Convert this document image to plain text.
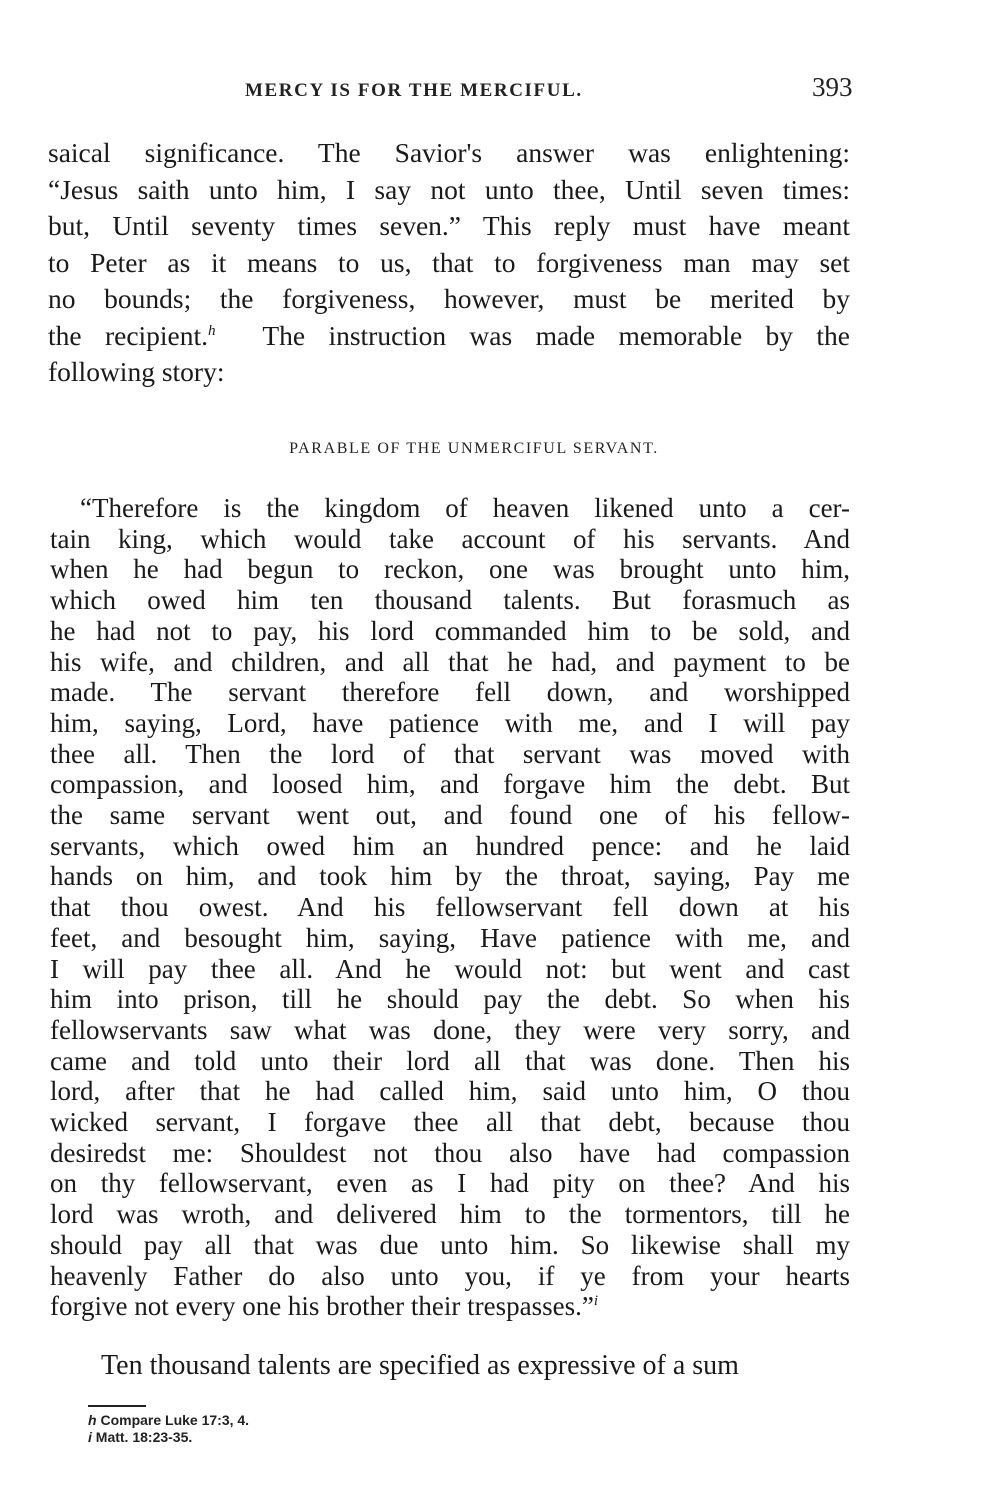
MERCY IS FOR THE MERCIFUL.	393
saical significance. The Savior's answer was enlightening:
“Jesus saith unto him, I say not unto thee, Until seven times:
but, Until seventy times seven.” This reply must have meant
to Peter as it means to us, that to forgiveness man may set
no bounds; the forgiveness, however, must be merited by
the recipient.$^h$ The instruction was made memorable by the
following story:
PARABLE OF THE UNMERCIFUL SERVANT.
“Therefore is the kingdom of heaven likened unto a cer-
tain king, which would take account of his servants. And
when he had begun to reckon, one was brought unto him,
which owed him ten thousand talents. But forasmuch as
he had not to pay, his lord commanded him to be sold, and
his wife, and children, and all that he had, and payment to be
made. The servant therefore fell down, and worshipped
him, saying, Lord, have patience with me, and I will pay
thee all. Then the lord of that servant was moved with
compassion, and loosed him, and forgave him the debt. But
the same servant went out, and found one of his fellow-
servants, which owed him an hundred pence: and he laid
hands on him, and took him by the throat, saying, Pay me
that thou owest. And his fellowservant fell down at his
feet, and besought him, saying, Have patience with me, and
I will pay thee all. And he would not: but went and cast
him into prison, till he should pay the debt. So when his
fellowservants saw what was done, they were very sorry, and
came and told unto their lord all that was done. Then his
lord, after that he had called him, said unto him, O thou
wicked servant, I forgave thee all that debt, because thou
desiredst me: Shouldest not thou also have had compassion
on thy fellowservant, even as I had pity on thee? And his
lord was wroth, and delivered him to the tormentors, till he
should pay all that was due unto him. So likewise shall my
heavenly Father do also unto you, if ye from your hearts
forgive not every one his brother their trespasses.”$^i$
Ten thousand talents are specified as expressive of a sum
h Compare Luke 17:3, 4.
i Matt. 18:23-35.
